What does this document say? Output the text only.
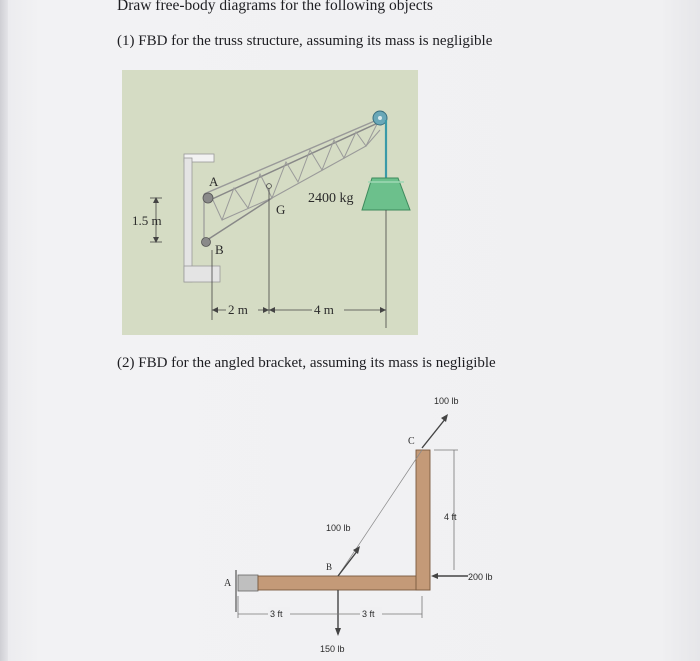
Draw free-body diagrams for the following objects
(1) FBD for the truss structure, assuming its mass is negligible
1.5 m
A
B
G
2400 kg
2 m	4 m
(2) FBD for the angled bracket, assuming its mass is negligible
A
100 lb
C
4 ft
100 lb
B
200 lb
150 lb
3 ft	3 ft
